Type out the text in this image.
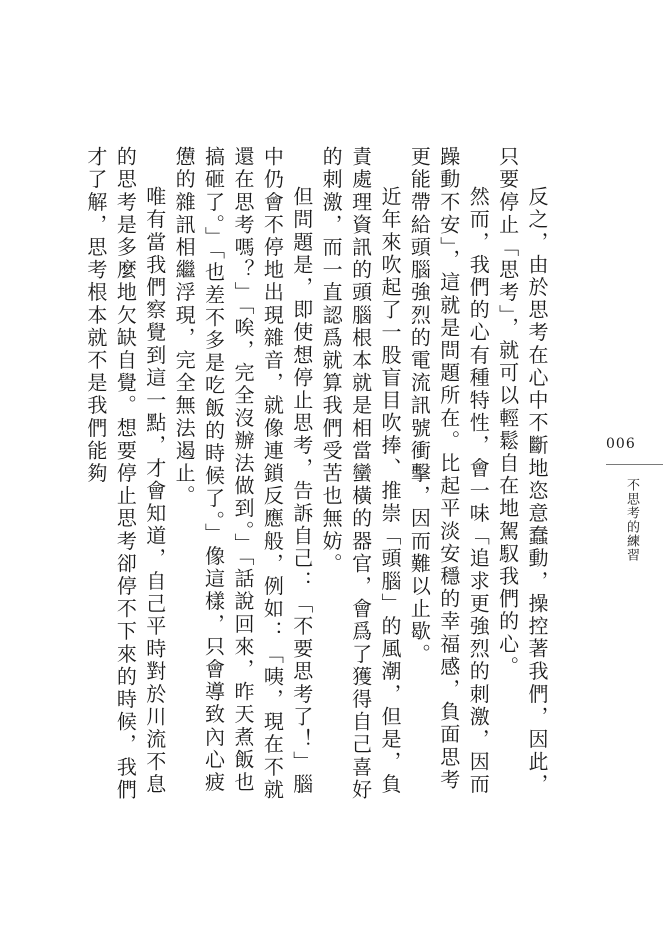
反之，由於思考在心中不斷地恣意蠢動，操控著我們，因此，只要停止「思考」，就可以輕鬆自在地駕馭我們的心。

然而，我們的心有種特性，會一味「追求更強烈的刺激，因而躁動不安」，這就是問題所在。比起平淡安穩的幸福感，負面思考更能帶給頭腦強烈的電流訊號衝擊，因而難以止歇。

近年來吹起了一股盲目吹捧、推崇「頭腦」的風潮，但是，負責處理資訊的頭腦根本就是相當蠻橫的器官，會爲了獲得自己喜好的刺激，而一直認爲就算我們受苦也無妨。

但問題是，即使想停止思考，告訴自己：「不要思考了！」腦中仍會不停地出現雜音，就像連鎖反應般，例如：「咦，現在不就還在思考嗎？」「唉，完全沒辦法做到。」「話說回來，昨天煮飯也搞砸了。」「也差不多是吃飯的時候了。」像這樣，只會導致內心疲憊的雜訊相繼浮現，完全無法遏止。

唯有當我們察覺到這一點，才會知道，自己平時對於川流不息的思考是多麼地欠缺自覺。想要停止思考卻停不下來的時候，我們才了解，思考根本就不是我們能夠	006
不思考的練習
